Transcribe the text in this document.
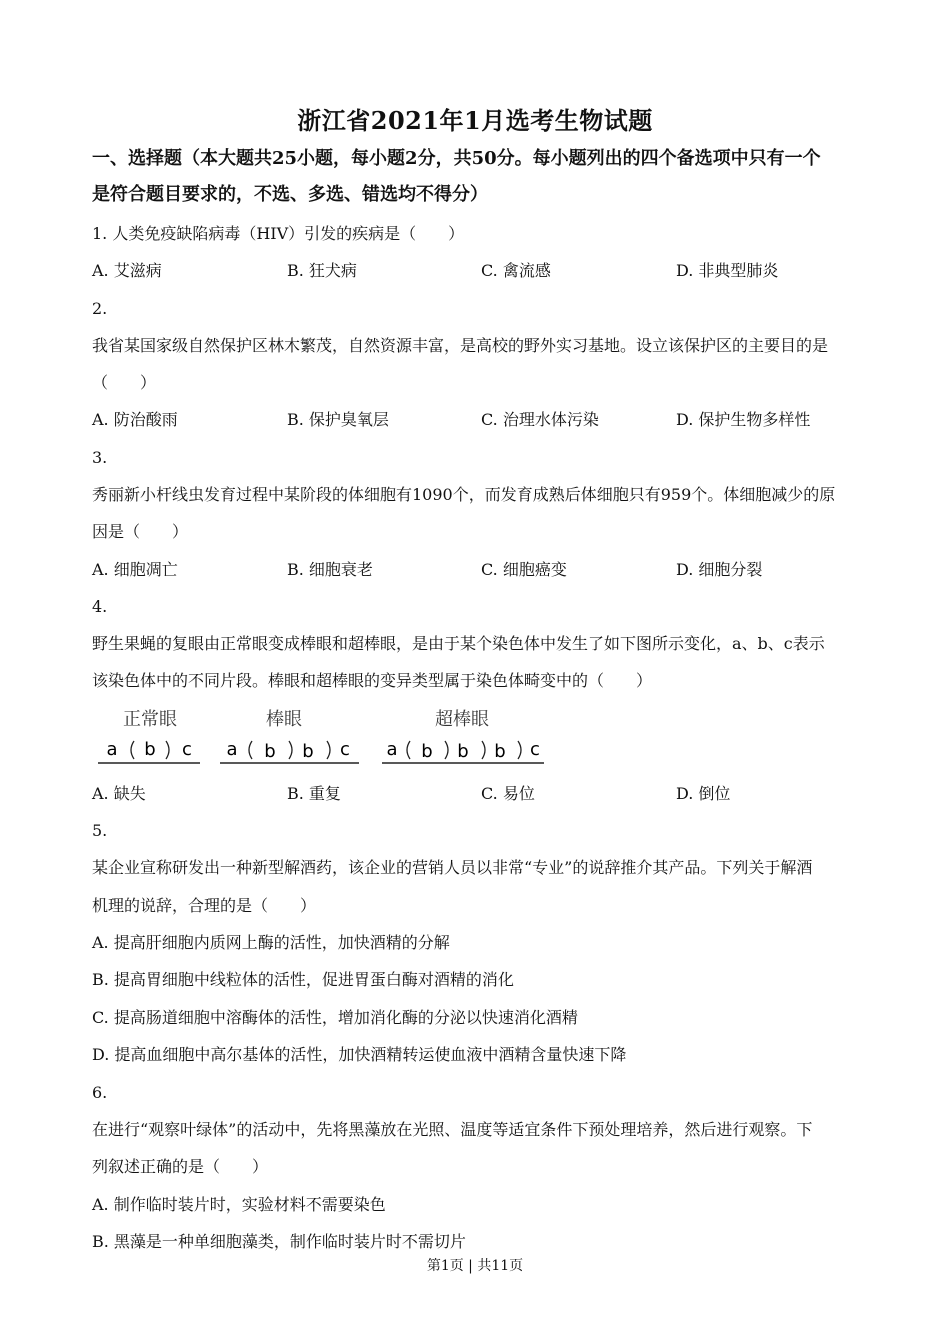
浙江省2021年1月选考生物试题
一、选择题（本大题共25小题，每小题2分，共50分。每小题列出的四个备选项中只有一个
是符合题目要求的，不选、多选、错选均不得分）
1. 人类免疫缺陷病毒（HIV）引发的疾病是（　　）
A. 艾滋病	B. 狂犬病	C. 禽流感	D. 非典型肺炎
2.
我省某国家级自然保护区林木繁茂，自然资源丰富，是高校的野外实习基地。设立该保护区的主要目的是
（　　）
A. 防治酸雨	B. 保护臭氧层	C. 治理水体污染	D. 保护生物多样性
3.
秀丽新小杆线虫发育过程中某阶段的体细胞有1090个，而发育成熟后体细胞只有959个。体细胞减少的原
因是（　　）
A. 细胞凋亡	B. 细胞衰老	C. 细胞癌变	D. 细胞分裂
4.
野生果蝇的复眼由正常眼变成棒眼和超棒眼，是由于某个染色体中发生了如下图所示变化，a、b、c表示
该染色体中的不同片段。棒眼和超棒眼的变异类型属于染色体畸变中的（　　）
正常眼
a b c
棒眼
a b b c
超棒眼
a b b b c
A. 缺失	B. 重复	C. 易位	D. 倒位
5.
某企业宣称研发出一种新型解酒药，该企业的营销人员以非常“专业”的说辞推介其产品。下列关于解酒
机理的说辞，合理的是（　　）
A. 提高肝细胞内质网上酶的活性，加快酒精的分解
B. 提高胃细胞中线粒体的活性，促进胃蛋白酶对酒精的消化
C. 提高肠道细胞中溶酶体的活性，增加消化酶的分泌以快速消化酒精
D. 提高血细胞中高尔基体的活性，加快酒精转运使血液中酒精含量快速下降
6.
在进行“观察叶绿体”的活动中，先将黑藻放在光照、温度等适宜条件下预处理培养，然后进行观察。下
列叙述正确的是（　　）
A. 制作临时装片时，实验材料不需要染色
B. 黑藻是一种单细胞藻类，制作临时装片时不需切片
第1页 | 共11页
